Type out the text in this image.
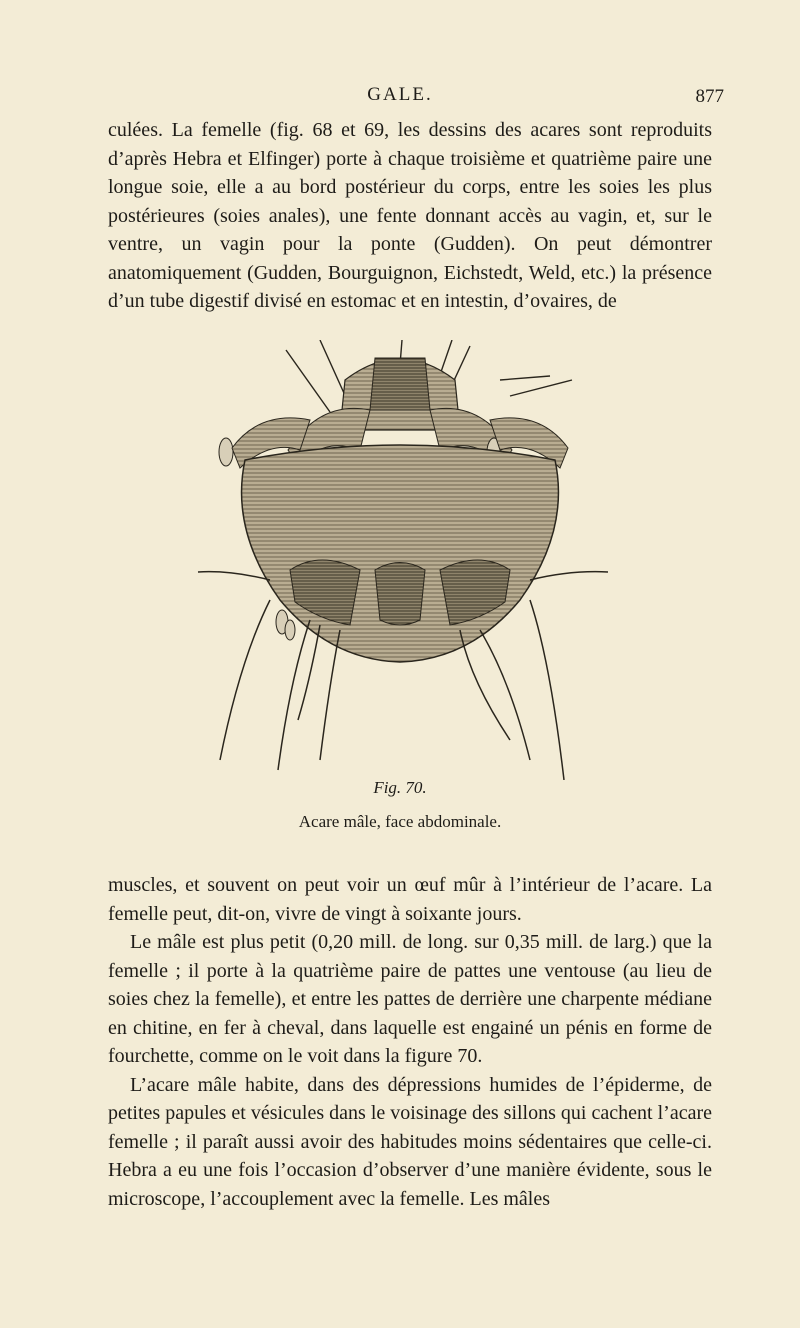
GALE.	877

culées. La femelle (fig. 68 et 69, les dessins des acares sont reproduits d’après Hebra et Elfinger) porte à chaque troisième et quatrième paire une longue soie, elle a au bord postérieur du corps, entre les soies les plus postérieures (soies anales), une fente donnant accès au vagin, et, sur le ventre, un vagin pour la ponte (Gudden). On peut démontrer anatomiquement (Gudden, Bourguignon, Eichstedt, Weld, etc.) la présence d’un tube digestif divisé en estomac et en intestin, d’ovaires, de

Fig. 70.
Acare mâle, face abdominale.

muscles, et souvent on peut voir un œuf mûr à l’intérieur de l’acare. La femelle peut, dit-on, vivre de vingt à soixante jours.

Le mâle est plus petit (0,20 mill. de long. sur 0,35 mill. de larg.) que la femelle ; il porte à la quatrième paire de pattes une ventouse (au lieu de soies chez la femelle), et entre les pattes de derrière une charpente médiane en chitine, en fer à cheval, dans laquelle est engainé un pénis en forme de fourchette, comme on le voit dans la figure 70.

L’acare mâle habite, dans des dépressions humides de l’épiderme, de petites papules et vésicules dans le voisinage des sillons qui cachent l’acare femelle ; il paraît aussi avoir des habitudes moins sédentaires que celle-ci. Hebra a eu une fois l’occasion d’observer d’une manière évidente, sous le microscope, l’accouplement avec la femelle. Les mâles
